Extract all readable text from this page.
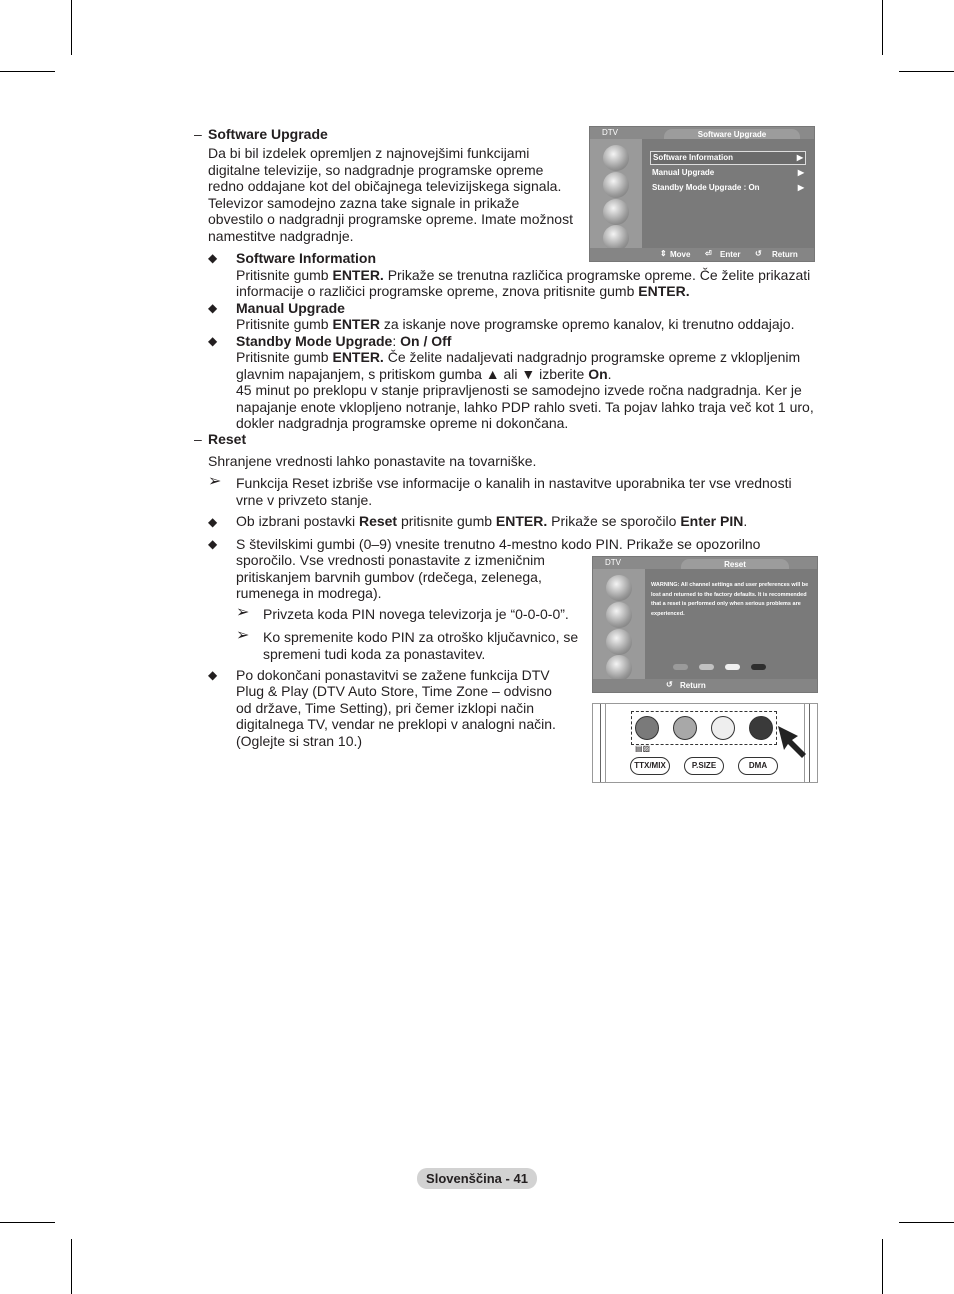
– Software Upgrade
Da bi bil izdelek opremljen z najnovejšimi funkcijami
digitalne televizije, so nadgradnje programske opreme
redno oddajane kot del običajnega televizijskega signala.
Televizor samodejno zazna take signale in prikaže
obvestilo o nadgradnji programske opreme. Imate možnost
namestitve nadgradnje.
◆ Software Information
Pritisnite gumb ENTER. Prikaže se trenutna različica programske opreme. Če želite prikazati
informacije o različici programske opreme, znova pritisnite gumb ENTER.
◆ Manual Upgrade
Pritisnite gumb ENTER za iskanje nove programske opremo kanalov, ki trenutno oddajajo.
◆ Standby Mode Upgrade: On / Off
Pritisnite gumb ENTER. Če želite nadaljevati nadgradnjo programske opreme z vklopljenim
glavnim napajanjem, s pritiskom gumba ▲ ali ▼ izberite On.
45 minut po preklopu v stanje pripravljenosti se samodejno izvede ročna nadgradnja. Ker je
napajanje enote vklopljeno notranje, lahko PDP rahlo sveti. Ta pojav lahko traja več kot 1 uro,
dokler nadgradnja programske opreme ni dokončana.
– Reset
Shranjene vrednosti lahko ponastavite na tovarniške.
➢ Funkcija Reset izbriše vse informacije o kanalih in nastavitve uporabnika ter vse vrednosti
vrne v privzeto stanje.
◆ Ob izbrani postavki Reset pritisnite gumb ENTER. Prikaže se sporočilo Enter PIN.
◆ S številskimi gumbi (0–9) vnesite trenutno 4-mestno kodo PIN. Prikaže se opozorilno
sporočilo. Vse vrednosti ponastavite z izmeničnim
pritiskanjem barvnih gumbov (rdečega, zelenega,
rumenega in modrega).
➢ Privzeta koda PIN novega televizorja je “0-0-0-0”.
➢ Ko spremenite kodo PIN za otroško ključavnico, se
spremeni tudi koda za ponastavitev.
◆ Po dokončani ponastavitvi se zažene funkcija DTV
Plug & Play (DTV Auto Store, Time Zone – odvisno
od države, Time Setting), pri čemer izklopi način
digitalnega TV, vendar ne preklopi v analogni način.
(Oglejte si stran 10.)
DTV	Software Upgrade
Software Information	▶
Manual Upgrade	▶
Standby Mode Upgrade : On	▶
⇕ Move ⏎ Enter ↺ Return
DTV	Reset
WARNING: All channel settings and user preferences will be
lost and returned to the factory defaults. It is recommended
that a reset is performed only when serious problems are
experienced.
↺ Return
▤▨
TTX/MIX	P.SIZE	DMA
Slovenščina - 41
